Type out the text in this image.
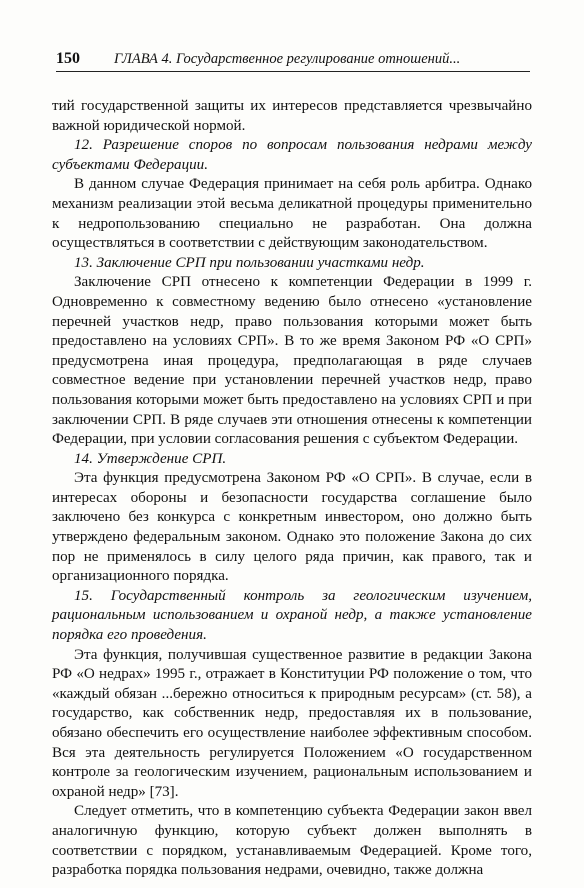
150	ГЛАВА 4. Государственное регулирование отношений...

тий государственной защиты их интересов представляется чрезвычайно важной юридической нормой.

12. Разрешение споров по вопросам пользования недрами между субъектами Федерации.

В данном случае Федерация принимает на себя роль арбитра. Однако механизм реализации этой весьма деликатной процедуры применительно к недропользованию специально не разработан. Она должна осуществляться в соответствии с действующим законодательством.

13. Заключение СРП при пользовании участками недр.

Заключение СРП отнесено к компетенции Федерации в 1999 г. Одновременно к совместному ведению было отнесено «установление перечней участков недр, право пользования которыми может быть предоставлено на условиях СРП». В то же время Законом РФ «О СРП» предусмотрена иная процедура, предполагающая в ряде случаев совместное ведение при установлении перечней участков недр, право пользования которыми может быть предоставлено на условиях СРП и при заключении СРП. В ряде случаев эти отношения отнесены к компетенции Федерации, при условии согласования решения с субъектом Федерации.

14. Утверждение СРП.

Эта функция предусмотрена Законом РФ «О СРП». В случае, если в интересах обороны и безопасности государства соглашение было заключено без конкурса с конкретным инвестором, оно должно быть утверждено федеральным законом. Однако это положение Закона до сих пор не применялось в силу целого ряда причин, как правого, так и организационного порядка.

15. Государственный контроль за геологическим изучением, рациональным использованием и охраной недр, а также установление порядка его проведения.

Эта функция, получившая существенное развитие в редакции Закона РФ «О недрах» 1995 г., отражает в Конституции РФ положение о том, что «каждый обязан ...бережно относиться к природным ресурсам» (ст. 58), а государство, как собственник недр, предоставляя их в пользование, обязано обеспечить его осуществление наиболее эффективным способом. Вся эта деятельность регулируется Положением «О государственном контроле за геологическим изучением, рациональным использованием и охраной недр» [73].

Следует отметить, что в компетенцию субъекта Федерации закон ввел аналогичную функцию, которую субъект должен выполнять в соответствии с порядком, устанавливаемым Федерацией. Кроме того, разработка порядка пользования недрами, очевидно, также должна
